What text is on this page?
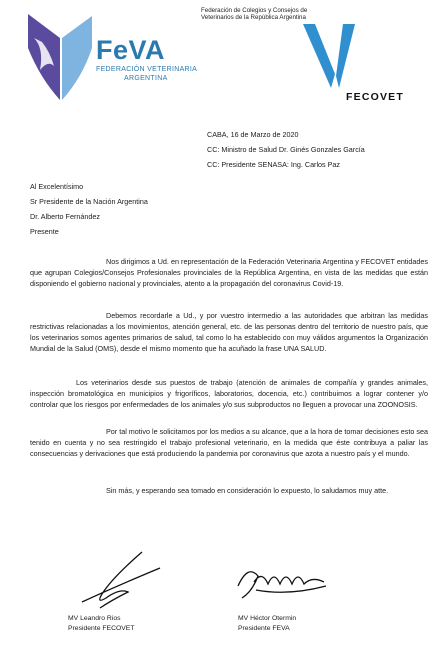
FeVA
FEDERACIÓN VETERINARIA
ARGENTINA
Federación de Colegios y Consejos de
Veterinarios de la República Argentina
FECOVET
CABA, 16 de Marzo de 2020
CC: Ministro de Salud Dr. Ginés Gonzales García
CC: Presidente SENASA: Ing. Carlos Paz
Al Excelentísimo
Sr Presidente de la Nación Argentina
Dr. Alberto Fernández
Presente
Nos dirigimos a Ud. en representación de la Federación Veterinaria Argentina y FECOVET entidades que agrupan Colegios/Consejos Profesionales provinciales de la República Argentina, en vista de las medidas que están disponiendo el gobierno nacional y provinciales, atento a la propagación del coronavirus Covid-19.
Debemos recordarle a Ud., y por vuestro intermedio a las autoridades que arbitran las medidas restrictivas relacionadas a los movimientos, atención general, etc. de las personas dentro del territorio de nuestro país, que los veterinarios somos agentes primarios de salud, tal como lo ha establecido con muy válidos argumentos la Organización Mundial de la Salud (OMS), desde el mismo momento que ha acuñado la frase UNA SALUD.
Los veterinarios desde sus puestos de trabajo (atención de animales de compañía y grandes animales, inspección bromatológica en municipios y frigoríficos, laboratorios, docencia, etc.) contribuimos a lograr contener y/o controlar que los riesgos por enfermedades de los animales y/o sus subproductos no lleguen a provocar una ZOONOSIS.
Por tal motivo le solicitamos por los medios a su alcance, que a la hora de tomar decisiones esto sea tenido en cuenta y no sea restringido el trabajo profesional veterinario, en la medida que éste contribuya a paliar las consecuencias y derivaciones que está produciendo la pandemia por coronavirus que azota a nuestro país y el mundo.
Sin más, y esperando sea tomado en consideración lo expuesto, lo saludamos muy atte.
MV Leandro Rios
Presidente FECOVET
MV Héctor Otermin
Presidente FEVA
